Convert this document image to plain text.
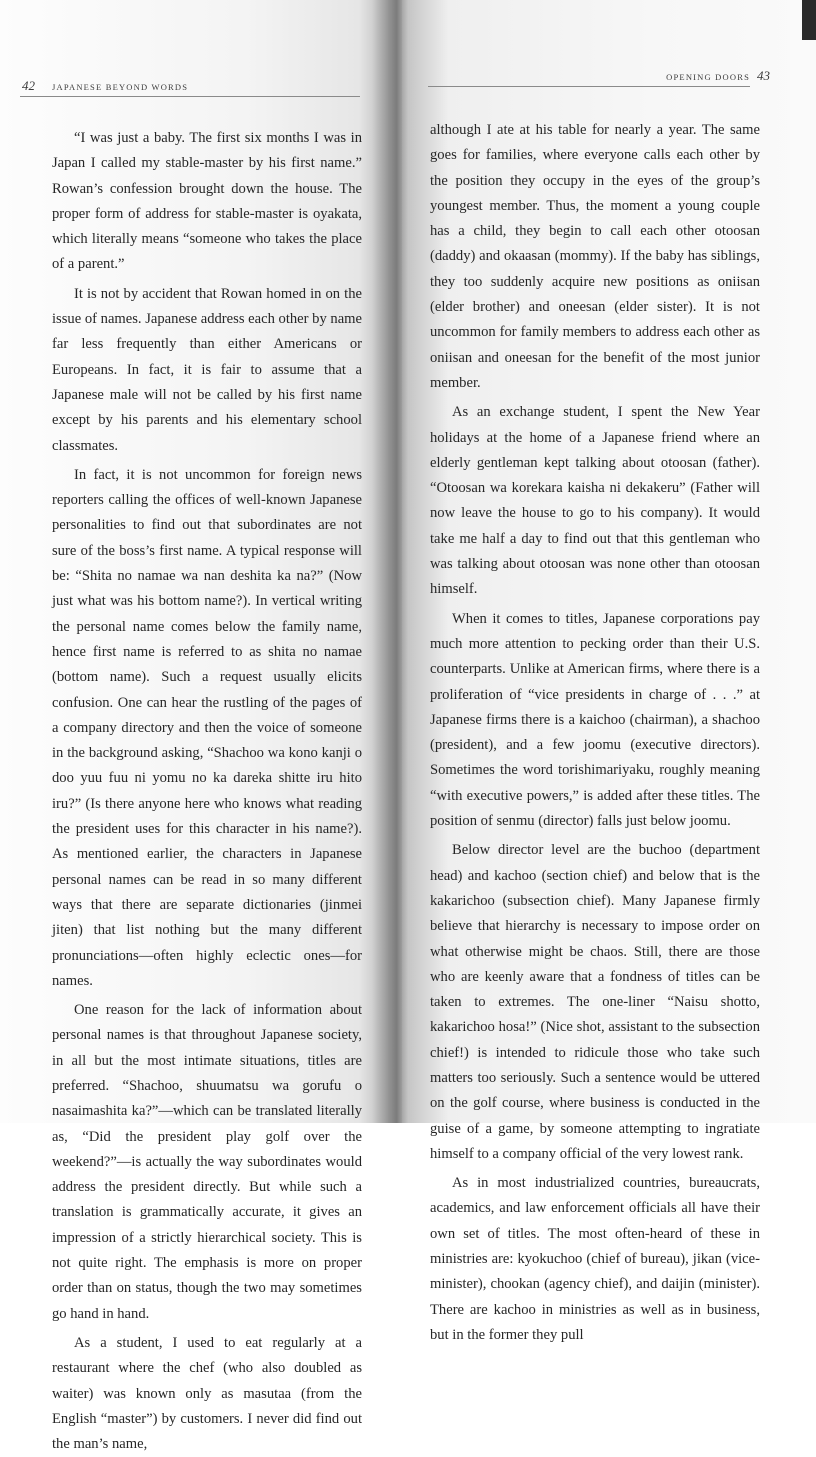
42 JAPANESE BEYOND WORDS

“I was just a baby. The first six months I was in Japan I called my stable-master by his first name.” Rowan’s confession brought down the house. The proper form of address for stable-master is oyakata, which literally means “someone who takes the place of a parent.”

It is not by accident that Rowan homed in on the issue of names. Japanese address each other by name far less frequently than either Americans or Europeans. In fact, it is fair to assume that a Japanese male will not be called by his first name except by his parents and his elementary school classmates.

In fact, it is not uncommon for foreign news reporters calling the offices of well-known Japanese personalities to find out that subordinates are not sure of the boss’s first name. A typical response will be: “Shita no namae wa nan deshita ka na?” (Now just what was his bottom name?). In vertical writing the personal name comes below the family name, hence first name is referred to as shita no namae (bottom name). Such a request usually elicits confusion. One can hear the rustling of the pages of a company directory and then the voice of someone in the background asking, “Shachoo wa kono kanji o doo yuu fuu ni yomu no ka dareka shitte iru hito iru?” (Is there anyone here who knows what reading the president uses for this character in his name?). As mentioned earlier, the characters in Japanese personal names can be read in so many different ways that there are separate dictionaries (jinmei jiten) that list nothing but the many different pronunciations—often highly eclectic ones—for names.

One reason for the lack of information about personal names is that throughout Japanese society, in all but the most intimate situations, titles are preferred. “Shachoo, shuumatsu wa gorufu o nasaimashita ka?”—which can be translated literally as, “Did the president play golf over the weekend?”—is actually the way subordinates would address the president directly. But while such a translation is grammatically accurate, it gives an impression of a strictly hierarchical society. This is not quite right. The emphasis is more on proper order than on status, though the two may sometimes go hand in hand.

As a student, I used to eat regularly at a restaurant where the chef (who also doubled as waiter) was known only as masutaa (from the English “master”) by customers. I never did find out the man’s name,

OPENING DOORS 43

although I ate at his table for nearly a year. The same goes for families, where everyone calls each other by the position they occupy in the eyes of the group’s youngest member. Thus, the moment a young couple has a child, they begin to call each other otoosan (daddy) and okaasan (mommy). If the baby has siblings, they too suddenly acquire new positions as oniisan (elder brother) and oneesan (elder sister). It is not uncommon for family members to address each other as oniisan and oneesan for the benefit of the most junior member.

As an exchange student, I spent the New Year holidays at the home of a Japanese friend where an elderly gentleman kept talking about otoosan (father). “Otoosan wa korekara kaisha ni dekakeru” (Father will now leave the house to go to his company). It would take me half a day to find out that this gentleman who was talking about otoosan was none other than otoosan himself.

When it comes to titles, Japanese corporations pay much more attention to pecking order than their U.S. counterparts. Unlike at American firms, where there is a proliferation of “vice presidents in charge of . . .” at Japanese firms there is a kaichoo (chairman), a shachoo (president), and a few joomu (executive directors). Sometimes the word torishimariyaku, roughly meaning “with executive powers,” is added after these titles. The position of senmu (director) falls just below joomu.

Below director level are the buchoo (department head) and kachoo (section chief) and below that is the kakarichoo (subsection chief). Many Japanese firmly believe that hierarchy is necessary to impose order on what otherwise might be chaos. Still, there are those who are keenly aware that a fondness of titles can be taken to extremes. The one-liner “Naisu shotto, kakarichoo hosa!” (Nice shot, assistant to the subsection chief!) is intended to ridicule those who take such matters too seriously. Such a sentence would be uttered on the golf course, where business is conducted in the guise of a game, by someone attempting to ingratiate himself to a company official of the very lowest rank.

As in most industrialized countries, bureaucrats, academics, and law enforcement officials all have their own set of titles. The most often-heard of these in ministries are: kyokuchoo (chief of bureau), jikan (vice-minister), chookan (agency chief), and daijin (minister). There are kachoo in ministries as well as in business, but in the former they pull
